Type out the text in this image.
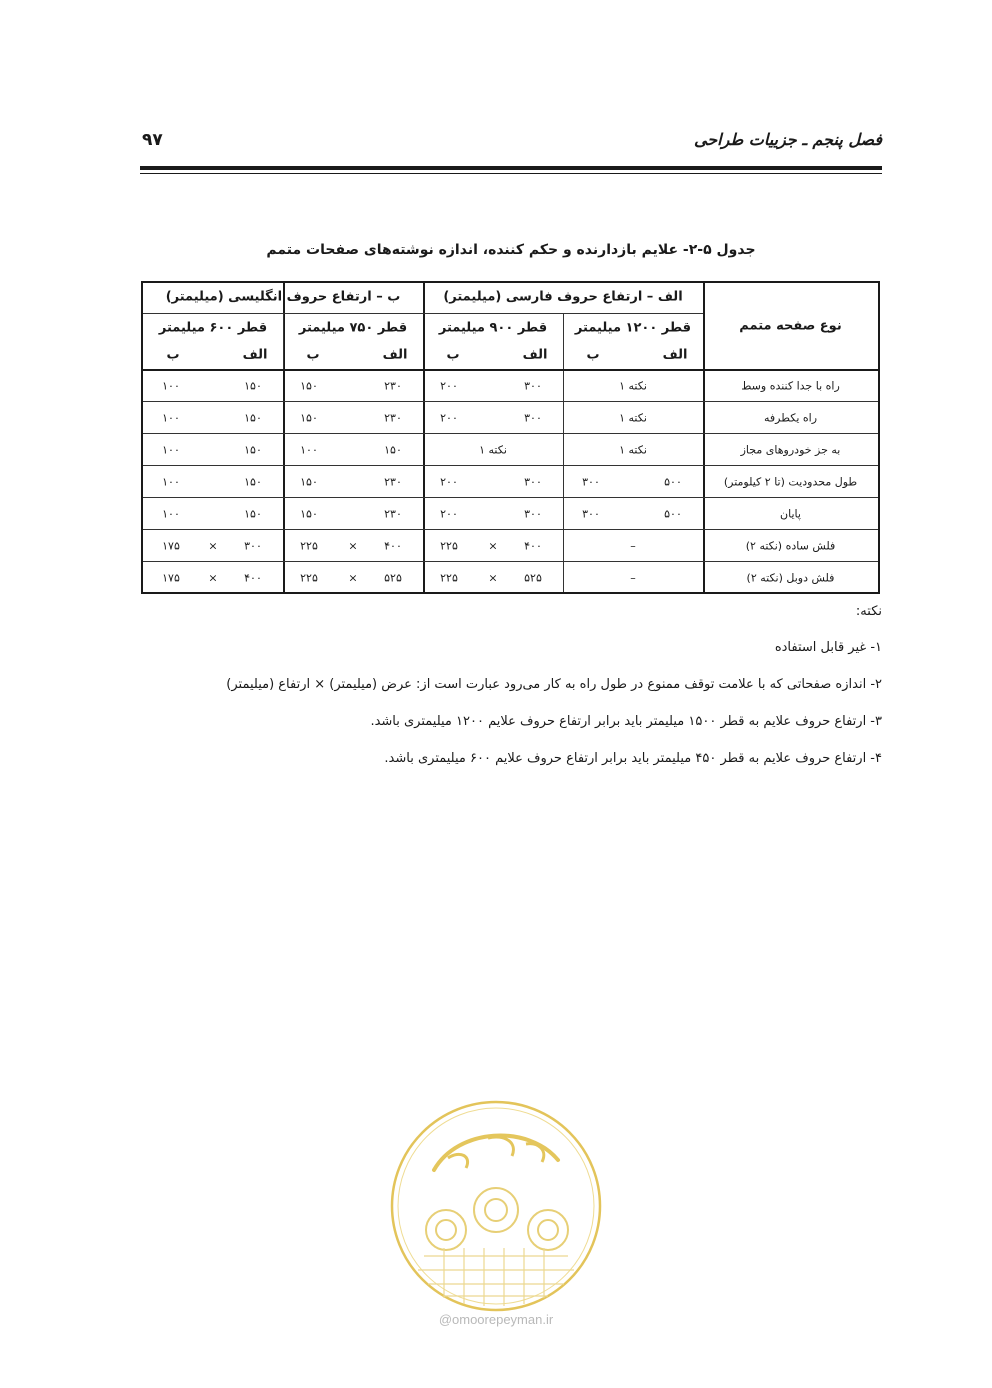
فصل پنجم ـ جزییات طراحی
۹۷
جدول ۵-۲- علایم بازدارنده و حکم کننده، اندازه نوشته‌های صفحات متمم
نوع صفحه متمم
الف – ارتفاع حروف فارسی (میلیمتر)
ب – ارتفاع حروف انگلیسی (میلیمتر)
قطر ۱۲۰۰ میلیمتر
قطر ۹۰۰ میلیمتر
قطر ۷۵۰ میلیمتر
قطر ۶۰۰ میلیمتر
الف
ب
الف
ب
الف
ب
الف
ب
راه با جدا کننده وسط
نکته ۱
۳۰۰
۲۰۰
۲۳۰
۱۵۰
۱۵۰
۱۰۰
راه یکطرفه
نکته ۱
۳۰۰
۲۰۰
۲۳۰
۱۵۰
۱۵۰
۱۰۰
به جز خودروهای مجاز
نکته ۱
نکته ۱
۱۵۰
۱۰۰
۱۵۰
۱۰۰
طول محدودیت (تا ۲ کیلومتر)
۵۰۰
۳۰۰
۳۰۰
۲۰۰
۲۳۰
۱۵۰
۱۵۰
۱۰۰
پایان
۵۰۰
۳۰۰
۳۰۰
۲۰۰
۲۳۰
۱۵۰
۱۵۰
۱۰۰
فلش ساده (نکته ۲)
–
۴۰۰
۲۲۵
۴۰۰
۲۲۵
۳۰۰
۱۷۵	×
×
×
فلش دوبل (نکته ۲)
–
۵۲۵
۲۲۵
۵۲۵
۲۲۵
۴۰۰
۱۷۵	×
×
×
نکته:
۱- غیر قابل استفاده
۲- اندازه صفحاتی که با علامت توقف ممنوع در طول راه به کار می‌رود عبارت است از: عرض (میلیمتر) × ارتفاع (میلیمتر)
۳- ارتفاع حروف علایم به قطر ۱۵۰۰ میلیمتر باید برابر ارتفاع حروف علایم ۱۲۰۰ میلیمتری باشد.
۴- ارتفاع حروف علایم به قطر ۴۵۰ میلیمتر باید برابر ارتفاع حروف علایم ۶۰۰ میلیمتری باشد.
@omoorepeyman.ir
